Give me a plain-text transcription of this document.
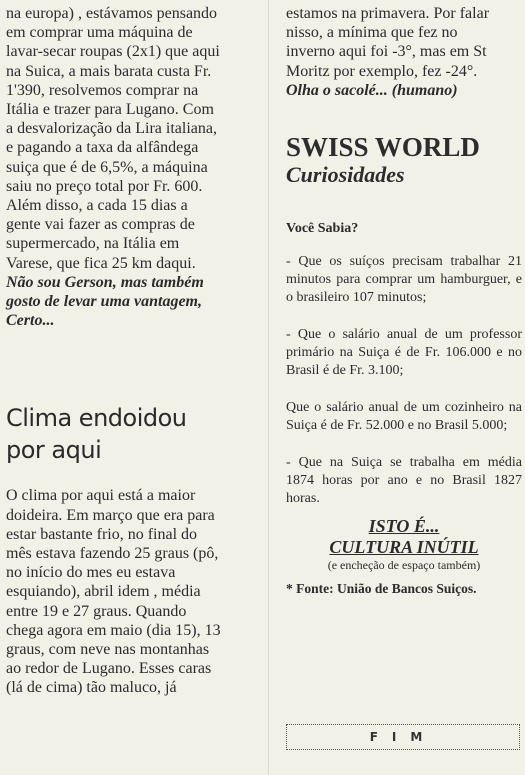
na europa) , estávamos pensando

em comprar uma máquina de

lavar-secar roupas (2x1) que aqui

na Suica, a mais barata custa Fr.

1'390, resolvemos comprar na

Itália e trazer para Lugano. Com

a desvalorização da Lira italiana,

e pagando a taxa da alfândega

suiça que é de 6,5%, a máquina

saiu no preço total por Fr. 600.

Além disso, a cada 15 dias a

gente vai fazer as compras de

supermercado, na Itália em

Varese, que fica 25 km daqui.

Não sou Gerson, mas também

gosto de levar uma vantagem,

Certo...

Clima endoidou

por aqui

O clima por aqui está a maior

doideira. Em março que era para

estar bastante frio, no final do

mês estava fazendo 25 graus (pô,

no início do mes eu estava

esquiando), abril idem , média

entre 19 e 27 graus. Quando

chega agora em maio (dia 15), 13

graus, com neve nas montanhas

ao redor de Lugano. Esses caras

(lá de cima) tão maluco, já

estamos na primavera. Por falar

nisso, a mínima que fez no

inverno aqui foi -3°, mas em St

Moritz por exemplo, fez -24°.

Olha o sacolé... (humano)

SWISS WORLD

Curiosidades

Você Sabia?

- Que os suíços precisam trabalhar 21 minutos para comprar um hamburguer, e o brasileiro 107 minutos;

- Que o salário anual de um professor primário na Suiça é de Fr. 106.000 e no Brasil é de Fr. 3.100;

Que o salário anual de um cozinheiro na Suiça é de Fr. 52.000 e no Brasil 5.000;

- Que na Suiça se trabalha em média 1874 horas por ano e no Brasil 1827 horas.

ISTO É...

CULTURA INÚTIL

(e encheção de espaço também)

* Fonte: União de Bancos Suiços.

FIM
